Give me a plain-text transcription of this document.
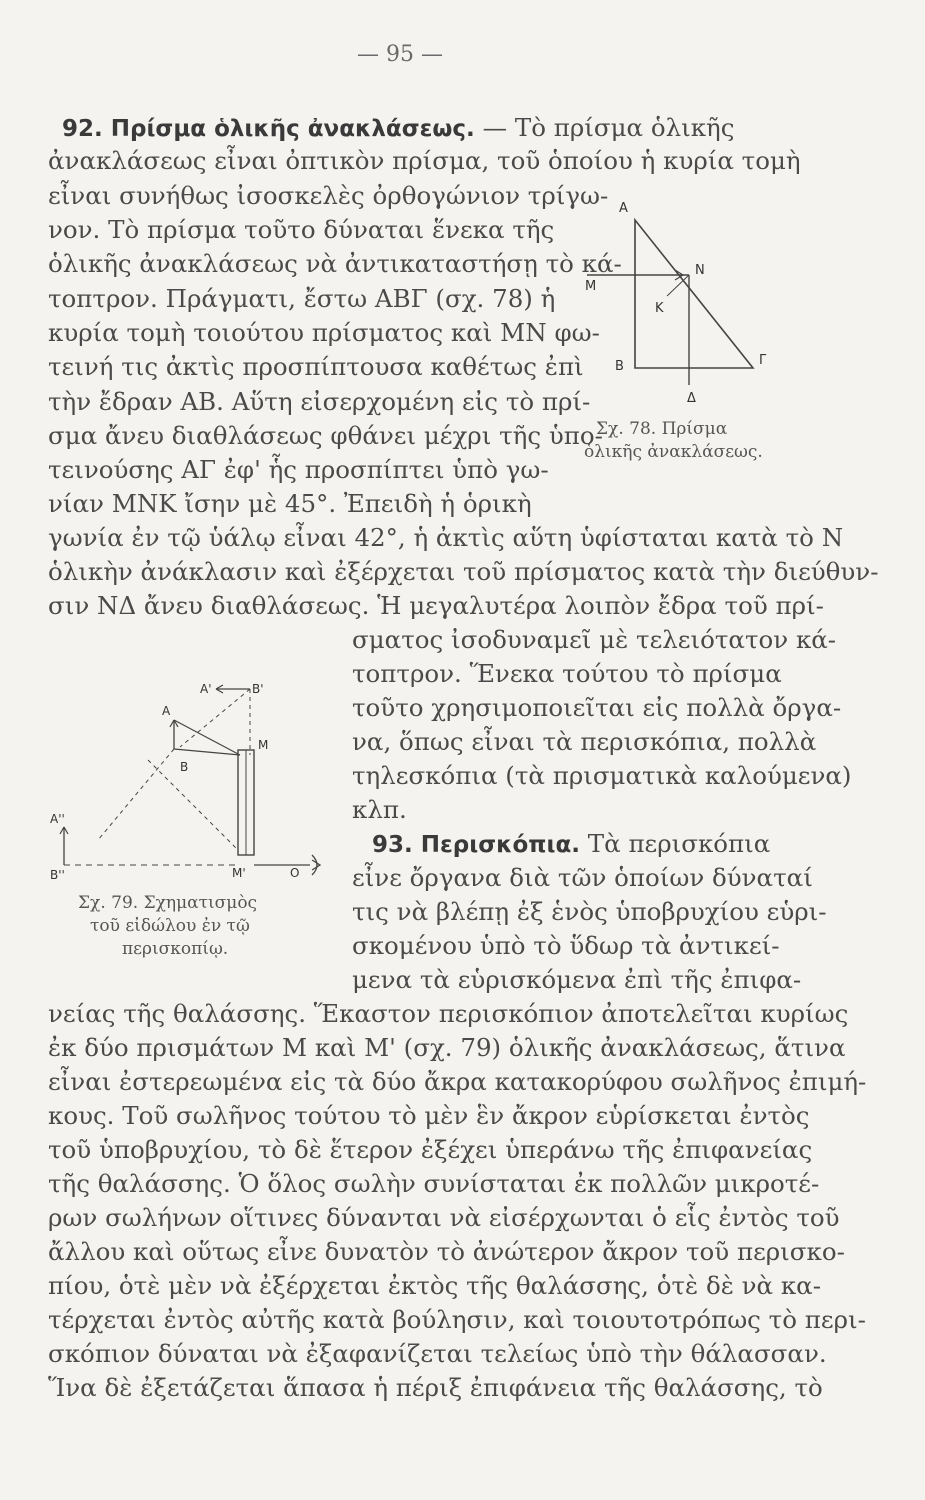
— 95 —
92. Πρίσμα ὁλικῆς ἀνακλάσεως. — Τὸ πρίσμα ὁλικῆς
ἀνακλάσεως εἶναι ὀπτικὸν πρίσμα, τοῦ ὁποίου ἡ κυρία τομὴ
εἶναι συνήθως ἰσοσκελὲς ὀρθογώνιον τρίγω-
νον. Τὸ πρίσμα τοῦτο δύναται ἕνεκα τῆς
ὁλικῆς ἀνακλάσεως νὰ ἀντικαταστήσῃ τὸ κά-
τοπτρον. Πράγματι, ἔστω ΑΒΓ (σχ. 78) ἡ
κυρία τομὴ τοιούτου πρίσματος καὶ ΜΝ φω-
τεινή τις ἀκτὶς προσπίπτουσα καθέτως ἐπὶ
τὴν ἔδραν ΑΒ. Αὕτη εἰσερχομένη εἰς τὸ πρί-
σμα ἄνευ διαθλάσεως φθάνει μέχρι τῆς ὑπο-
τεινούσης ΑΓ ἐφ' ἧς προσπίπτει ὑπὸ γω-
νίαν ΜΝΚ ἴσην μὲ 45°. Ἐπειδὴ ἡ ὁρικὴ
γωνία ἐν τῷ ὑάλῳ εἶναι 42°, ἡ ἀκτὶς αὕτη ὑφίσταται κατὰ τὸ Ν
ὁλικὴν ἀνάκλασιν καὶ ἐξέρχεται τοῦ πρίσματος κατὰ τὴν διεύθυν-
σιν ΝΔ ἄνευ διαθλάσεως. Ἡ μεγαλυτέρα λοιπὸν ἔδρα τοῦ πρί-
σματος ἰσοδυναμεῖ μὲ τελειότατον κά-
τοπτρον. Ἕνεκα τούτου τὸ πρίσμα
τοῦτο χρησιμοποιεῖται εἰς πολλὰ ὄργα-
να, ὅπως εἶναι τὰ περισκόπια, πολλὰ
τηλεσκόπια (τὰ πρισματικὰ καλούμενα)
κλπ.
93. Περισκόπια. Τὰ περισκόπια
εἶνε ὄργανα διὰ τῶν ὁποίων δύναταί
τις νὰ βλέπῃ ἐξ ἑνὸς ὑποβρυχίου εὑρι-
σκομένου ὑπὸ τὸ ὕδωρ τὰ ἀντικεί-
μενα τὰ εὑρισκόμενα ἐπὶ τῆς ἐπιφα-
νείας τῆς θαλάσσης. Ἕκαστον περισκόπιον ἀποτελεῖται κυρίως
ἐκ δύο πρισμάτων Μ καὶ Μ' (σχ. 79) ὁλικῆς ἀνακλάσεως, ἅτινα
εἶναι ἐστερεωμένα εἰς τὰ δύο ἄκρα κατακορύφου σωλῆνος ἐπιμή-
κους. Τοῦ σωλῆνος τούτου τὸ μὲν ἓν ἄκρον εὑρίσκεται ἐντὸς
τοῦ ὑποβρυχίου, τὸ δὲ ἕτερον ἐξέχει ὑπεράνω τῆς ἐπιφανείας
τῆς θαλάσσης. Ὁ ὅλος σωλὴν συνίσταται ἐκ πολλῶν μικροτέ-
ρων σωλήνων οἵτινες δύνανται νὰ εἰσέρχωνται ὁ εἷς ἐντὸς τοῦ
ἄλλου καὶ οὕτως εἶνε δυνατὸν τὸ ἀνώτερον ἄκρον τοῦ περισκο-
πίου, ὁτὲ μὲν νὰ ἐξέρχεται ἐκτὸς τῆς θαλάσσης, ὁτὲ δὲ νὰ κα-
τέρχεται ἐντὸς αὐτῆς κατὰ βούλησιν, καὶ τοιουτοτρόπως τὸ περι-
σκόπιον δύναται νὰ ἐξαφανίζεται τελείως ὑπὸ τὴν θάλασσαν.
Ἵνα δὲ ἐξετάζεται ἅπασα ἡ πέριξ ἐπιφάνεια τῆς θαλάσσης, τὸ
A
M
N
K
B	Γ
Δ
Σχ. 78. Πρίσμα
ὁλικῆς ἀνακλάσεως.
A'	B'
A
B
M
A''
B''	M'	O
Σχ. 79. Σχηματισμὸς
τοῦ εἰδώλου ἐν τῷ
περισκοπίῳ.
